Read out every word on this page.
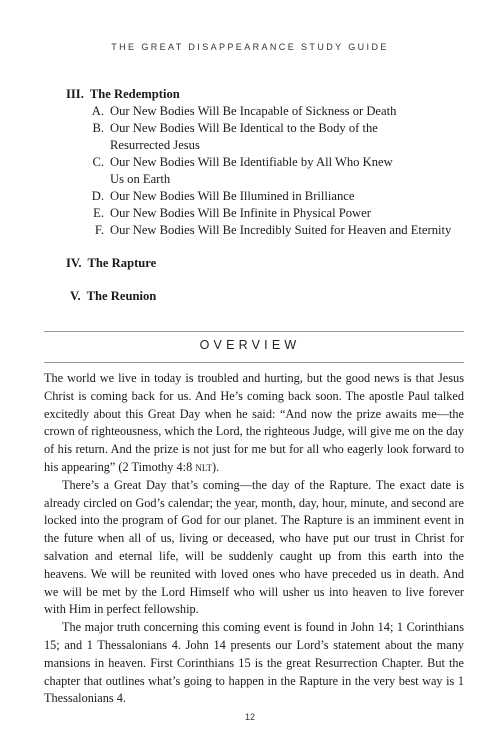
THE GREAT DISAPPEARANCE STUDY GUIDE
III. The Redemption
A. Our New Bodies Will Be Incapable of Sickness or Death
B. Our New Bodies Will Be Identical to the Body of the Resurrected Jesus
C. Our New Bodies Will Be Identifiable by All Who Knew Us on Earth
D. Our New Bodies Will Be Illumined in Brilliance
E. Our New Bodies Will Be Infinite in Physical Power
F. Our New Bodies Will Be Incredibly Suited for Heaven and Eternity
IV. The Rapture
V. The Reunion
OVERVIEW

The world we live in today is troubled and hurting, but the good news is that Jesus Christ is coming back for us. And He’s coming back soon. The apostle Paul talked excitedly about this Great Day when he said: “And now the prize awaits me—the crown of righteousness, which the Lord, the righteous Judge, will give me on the day of his return. And the prize is not just for me but for all who eagerly look forward to his appearing” (2 Timothy 4:8 nlt).

There’s a Great Day that’s coming—the day of the Rapture. The exact date is already circled on God’s calendar; the year, month, day, hour, minute, and second are locked into the program of God for our planet. The Rapture is an imminent event in the future when all of us, living or deceased, who have put our trust in Christ for salvation and eternal life, will be suddenly caught up from this earth into the heavens. We will be reunited with loved ones who have preceded us in death. And we will be met by the Lord Himself who will usher us into heaven to live forever with Him in perfect fellowship.

The major truth concerning this coming event is found in John 14; 1 Corinthians 15; and 1 Thessalonians 4. John 14 presents our Lord’s statement about the many mansions in heaven. First Corinthians 15 is the great Resurrection Chapter. But the chapter that outlines what’s going to happen in the Rapture in the very best way is 1 Thessalonians 4.

12
